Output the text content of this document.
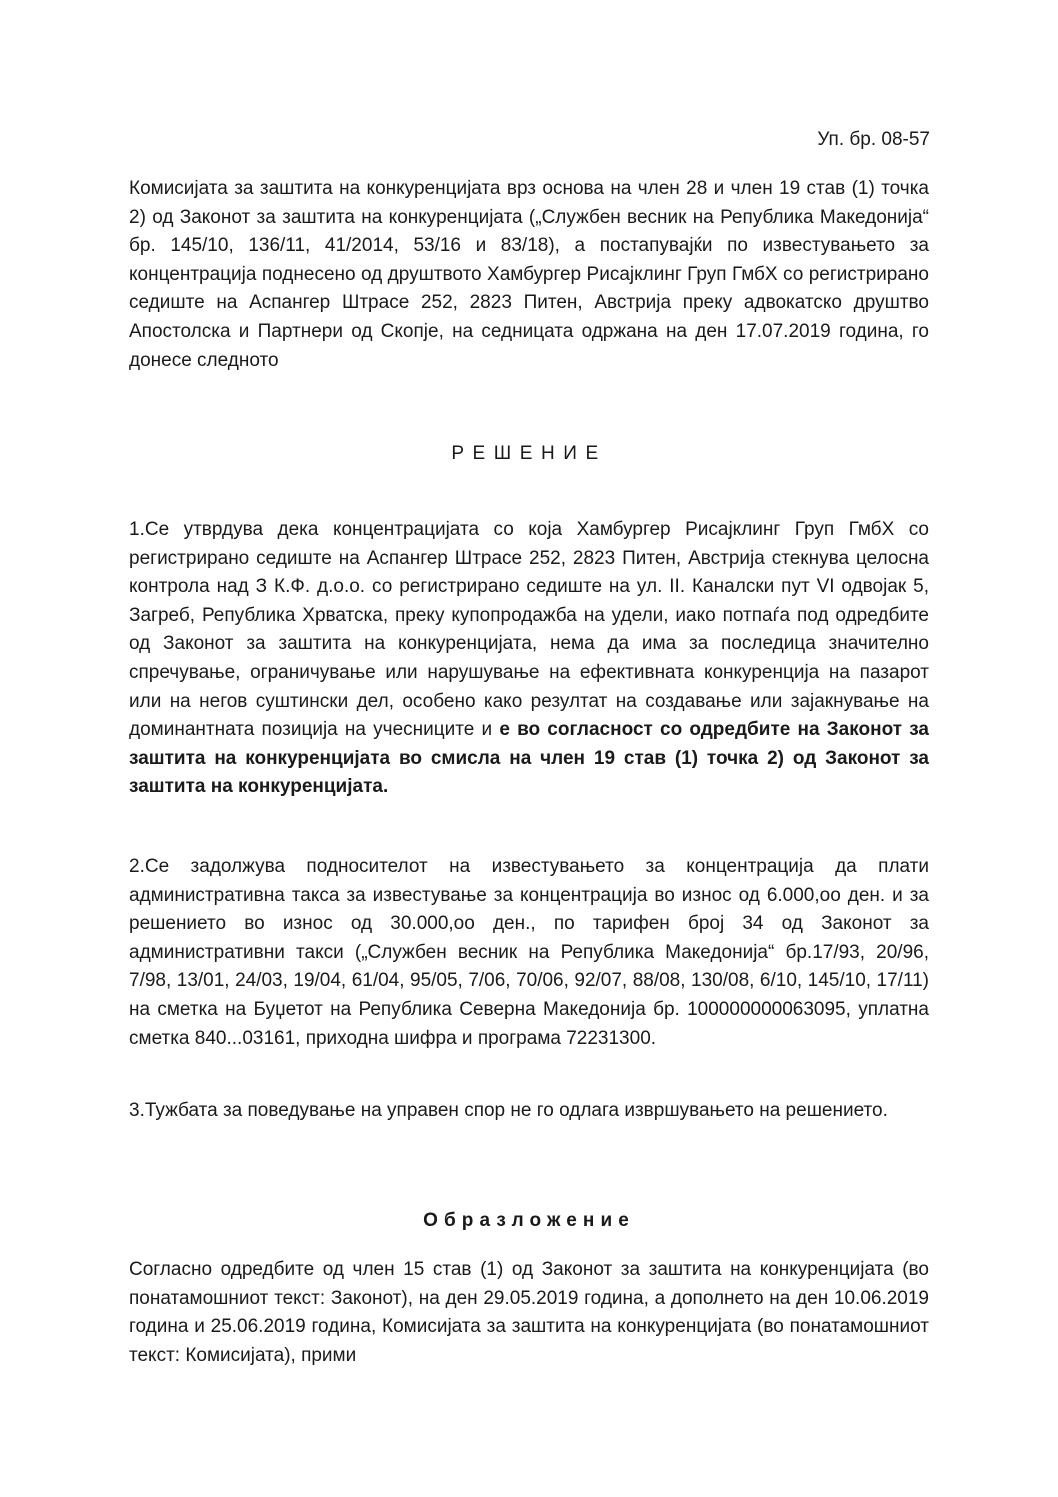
Уп. бр. 08-57
Комисијата за заштита на конкуренцијата врз основа на член 28 и член 19 став (1) точка 2) од Законот за заштита на конкуренцијата („Службен весник на Република Македонија“ бр. 145/10, 136/11, 41/2014, 53/16 и 83/18), а постапувајќи по известувањето за концентрација поднесено од друштвото Хамбургер Рисајклинг Груп ГмбХ со регистрирано седиште на Аспангер Штрасе 252, 2823 Питен, Австрија преку адвокатско друштво Апостолска и Партнери од Скопје, на седницата одржана на ден 17.07.2019 година, го донесе следното
РЕШЕНИЕ
1.Се утврдува дека концентрацијата со која Хамбургер Рисајклинг Груп ГмбХ со регистрирано седиште на Аспангер Штрасе 252, 2823 Питен, Австрија стекнува целосна контрола над З К.Ф. д.о.о. со регистрирано седиште на ул. II. Каналски пут VI одвојак 5, Загреб, Република Хрватска, преку купопродажба на удели, иако потпаѓа под одредбите од Законот за заштита на конкуренцијата, нема да има за последица значително спречување, ограничување или нарушување на ефективната конкуренција на пазарот или на негов суштински дел, особено како резултат на создавање или зајакнување на доминантната позиција на учесниците и е во согласност со одредбите на Законот за заштита на конкуренцијата во смисла на член 19 став (1) точка 2) од Законот за заштита на конкуренцијата.
2.Се задолжува подносителот на известувањето за концентрација да плати административна такса за известување за концентрација во износ од 6.000,оо ден. и за решението во износ од 30.000,оо ден., по тарифен број 34 од Законот за административни такси („Службен весник на Република Македонија“ бр.17/93, 20/96, 7/98, 13/01, 24/03, 19/04, 61/04, 95/05, 7/06, 70/06, 92/07, 88/08, 130/08, 6/10, 145/10, 17/11) на сметка на Буџетот на Република Северна Македонија бр. 100000000063095, уплатна сметка 840...03161, приходна шифра и програма 72231300.
3.Тужбата за поведување на управен спор не го одлага извршувањето на решението.
Образложение
Согласно одредбите од член 15 став (1) од Законот за заштита на конкуренцијата (во понатамошниот текст: Законот), на ден 29.05.2019 година, а дополнето на ден 10.06.2019 година и 25.06.2019 година, Комисијата за заштита на конкуренцијата (во понатамошниот текст: Комисијата), прими
